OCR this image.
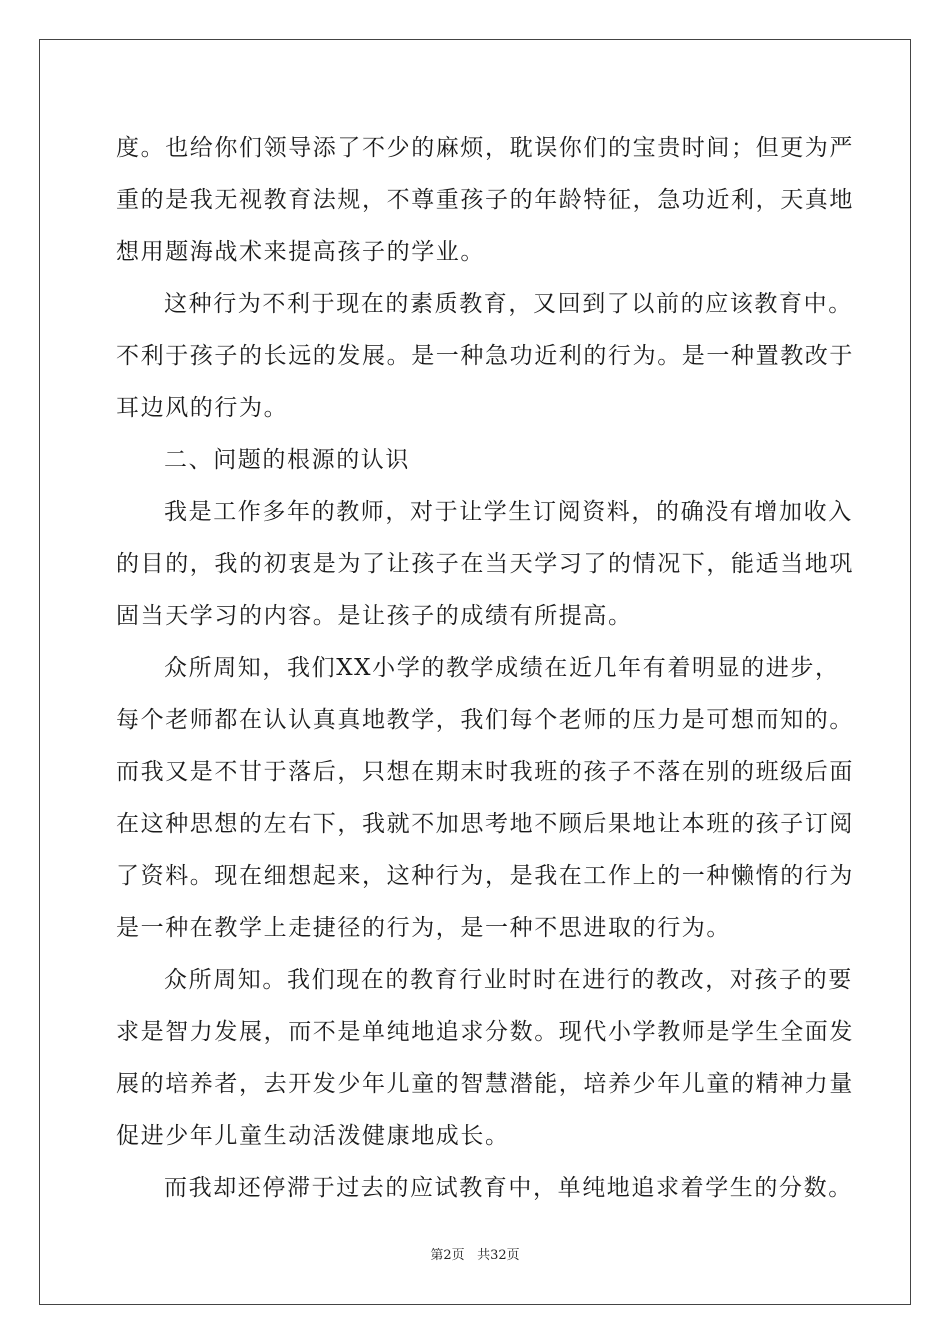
度。也给你们领导添了不少的麻烦，耽误你们的宝贵时间；但更为严
重的是我无视教育法规，不尊重孩子的年龄特征，急功近利，天真地
想用题海战术来提高孩子的学业。
这种行为不利于现在的素质教育，又回到了以前的应该教育中。
不利于孩子的长远的发展。是一种急功近利的行为。是一种置教改于
耳边风的行为。
二、问题的根源的认识
我是工作多年的教师，对于让学生订阅资料，的确没有增加收入
的目的，我的初衷是为了让孩子在当天学习了的情况下，能适当地巩
固当天学习的内容。是让孩子的成绩有所提高。
众所周知，我们XX小学的教学成绩在近几年有着明显的进步，
每个老师都在认认真真地教学，我们每个老师的压力是可想而知的。
而我又是不甘于落后，只想在期末时我班的孩子不落在别的班级后面
在这种思想的左右下，我就不加思考地不顾后果地让本班的孩子订阅
了资料。现在细想起来，这种行为，是我在工作上的一种懒惰的行为
是一种在教学上走捷径的行为，是一种不思进取的行为。
众所周知。我们现在的教育行业时时在进行的教改，对孩子的要
求是智力发展，而不是单纯地追求分数。现代小学教师是学生全面发
展的培养者，去开发少年儿童的智慧潜能，培养少年儿童的精神力量
促进少年儿童生动活泼健康地成长。
而我却还停滞于过去的应试教育中，单纯地追求着学生的分数。
第2页 共32页
